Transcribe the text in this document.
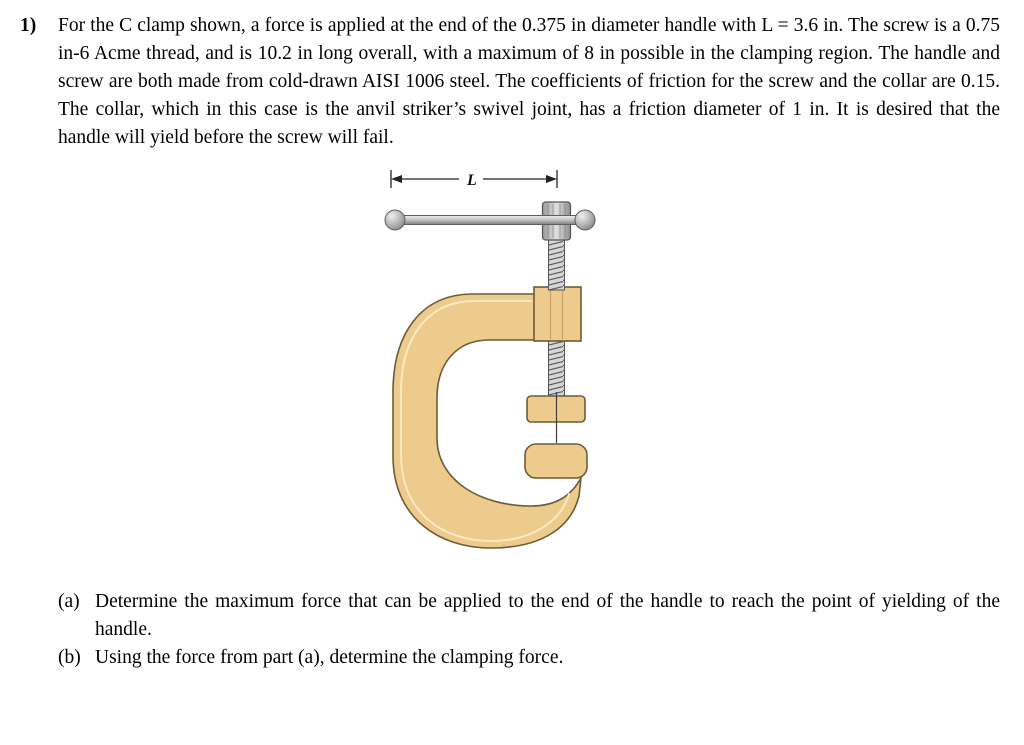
1)	For the C clamp shown, a force is applied at the end of the 0.375 in diameter handle with L = 3.6 in. The screw is a 0.75 in-6 Acme thread, and is 10.2 in long overall, with a maximum of 8 in possible in the clamping region. The handle and screw are both made from cold-drawn AISI 1006 steel. The coefficients of friction for the screw and the collar are 0.15. The collar, which in this case is the anvil striker’s swivel joint, has a friction diameter of 1 in. It is desired that the handle will yield before the screw will fail.
L
(a) Determine the maximum force that can be applied to the end of the handle to reach the point of yielding of the handle.
(b) Using the force from part (a), determine the clamping force.
